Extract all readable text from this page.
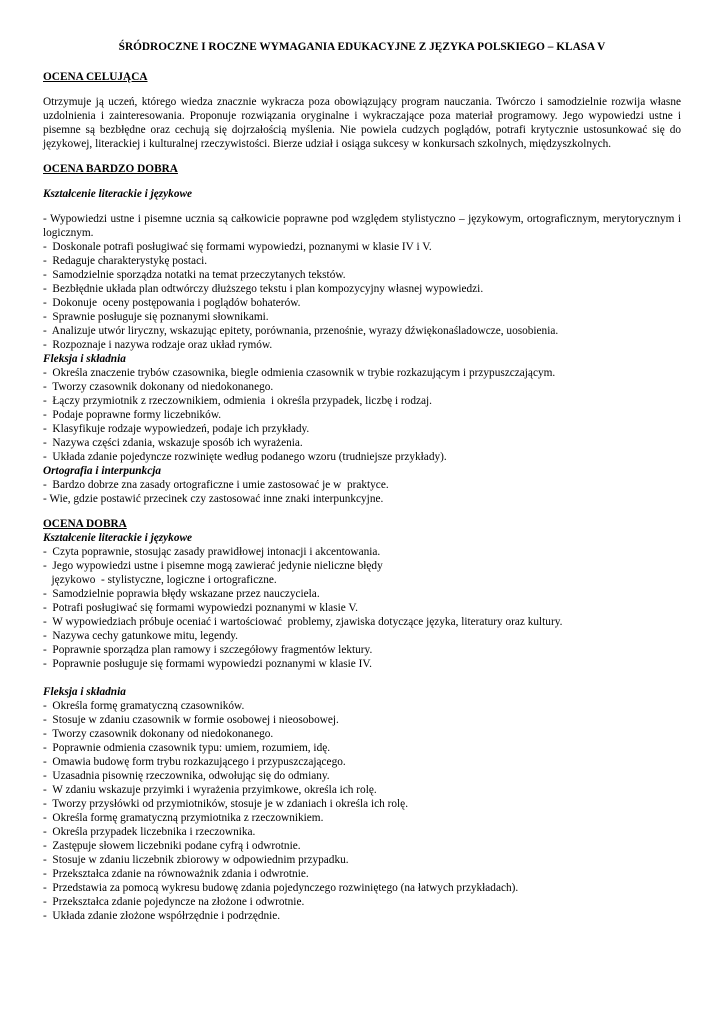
ŚRÓDROCZNE I ROCZNE WYMAGANIA EDUKACYJNE Z JĘZYKA POLSKIEGO – KLASA V
OCENA CELUJĄCA

Otrzymuje ją uczeń, którego wiedza znacznie wykracza poza obowiązujący program nauczania. Twórczo i samodzielnie rozwija własne uzdolnienia i zainteresowania. Proponuje rozwiązania oryginalne i wykraczające poza materiał programowy. Jego wypowiedzi ustne i pisemne są bezbłędne oraz cechują się dojrzałością myślenia. Nie powiela cudzych poglądów, potrafi krytycznie ustosunkować się do językowej, literackiej i kulturalnej rzeczywistości. Bierze udział i osiąga sukcesy w konkursach szkolnych, międzyszkolnych.

OCENA BARDZO DOBRA
Kształcenie literackie i językowe
- Wypowiedzi ustne i pisemne ucznia są całkowicie poprawne pod względem stylistyczno – językowym, ortograficznym, merytorycznym i logicznym.
-  Doskonale potrafi posługiwać się formami wypowiedzi, poznanymi w klasie IV i V.
-  Redaguje charakterystykę postaci.
-  Samodzielnie sporządza notatki na temat przeczytanych tekstów.
-  Bezbłędnie układa plan odtwórczy dłuższego tekstu i plan kompozycyjny własnej wypowiedzi.
-  Dokonuje  oceny postępowania i poglądów bohaterów.
-  Sprawnie posługuje się poznanymi słownikami.
-  Analizuje utwór liryczny, wskazując epitety, porównania, przenośnie, wyrazy dźwiękonaśladowcze, uosobienia.
-  Rozpoznaje i nazywa rodzaje oraz układ rymów.
Fleksja i składnia
-  Określa znaczenie trybów czasownika, biegle odmienia czasownik w trybie rozkazującym i przypuszczającym.
-  Tworzy czasownik dokonany od niedokonanego.
-  Łączy przymiotnik z rzeczownikiem, odmienia  i określa przypadek, liczbę i rodzaj.
-  Podaje poprawne formy liczebników.
-  Klasyfikuje rodzaje wypowiedzeń, podaje ich przykłady.
-  Nazywa części zdania, wskazuje sposób ich wyrażenia.
-  Układa zdanie pojedyncze rozwinięte według podanego wzoru (trudniejsze przykłady).
Ortografia i interpunkcja
-  Bardzo dobrze zna zasady ortograficzne i umie zastosować je w  praktyce.
- Wie, gdzie postawić przecinek czy zastosować inne znaki interpunkcyjne.
OCENA DOBRA
Kształcenie literackie i językowe
-  Czyta poprawnie, stosując zasady prawidłowej intonacji i akcentowania.
-  Jego wypowiedzi ustne i pisemne mogą zawierać jedynie nieliczne błędy
językowo  - stylistyczne, logiczne i ortograficzne.
-  Samodzielnie poprawia błędy wskazane przez nauczyciela.
-  Potrafi posługiwać się formami wypowiedzi poznanymi w klasie V.
-  W wypowiedziach próbuje oceniać i wartościować  problemy, zjawiska dotyczące języka, literatury oraz kultury.
-  Nazywa cechy gatunkowe mitu, legendy.
-  Poprawnie sporządza plan ramowy i szczegółowy fragmentów lektury.
-  Poprawnie posługuje się formami wypowiedzi poznanymi w klasie IV.
Fleksja i składnia
-  Określa formę gramatyczną czasowników.
-  Stosuje w zdaniu czasownik w formie osobowej i nieosobowej.
-  Tworzy czasownik dokonany od niedokonanego.
-  Poprawnie odmienia czasownik typu: umiem, rozumiem, idę.
-  Omawia budowę form trybu rozkazującego i przypuszczającego.
-  Uzasadnia pisownię rzeczownika, odwołując się do odmiany.
-  W zdaniu wskazuje przyimki i wyrażenia przyimkowe, określa ich rolę.
-  Tworzy przysłówki od przymiotników, stosuje je w zdaniach i określa ich rolę.
-  Określa formę gramatyczną przymiotnika z rzeczownikiem.
-  Określa przypadek liczebnika i rzeczownika.
-  Zastępuje słowem liczebniki podane cyfrą i odwrotnie.
-  Stosuje w zdaniu liczebnik zbiorowy w odpowiednim przypadku.
-  Przekształca zdanie na równoważnik zdania i odwrotnie.
-  Przedstawia za pomocą wykresu budowę zdania pojedynczego rozwiniętego (na łatwych przykładach).
-  Przekształca zdanie pojedyncze na złożone i odwrotnie.
-  Układa zdanie złożone współrzędnie i podrzędnie.
